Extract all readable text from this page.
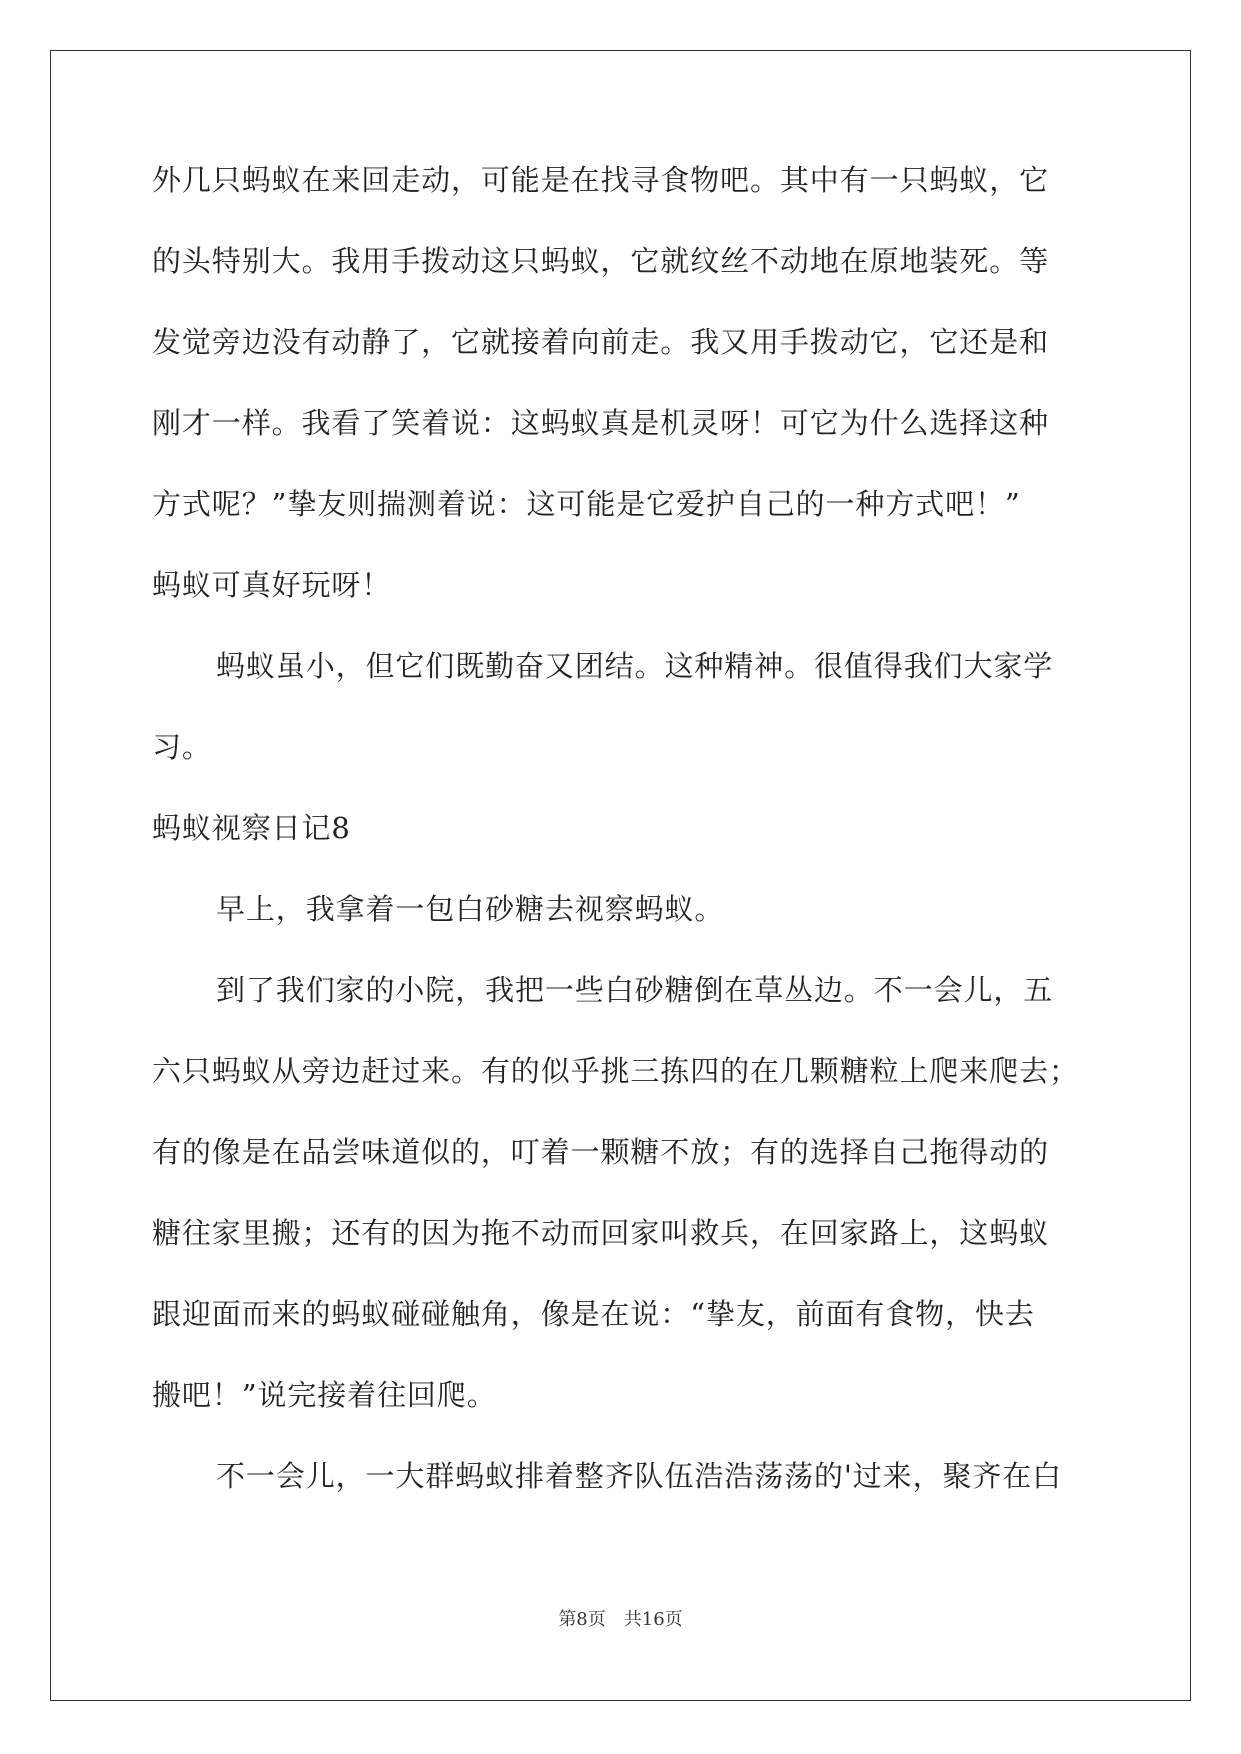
外几只蚂蚁在来回走动，可能是在找寻食物吧。其中有一只蚂蚁，它
的头特别大。我用手拨动这只蚂蚁，它就纹丝不动地在原地装死。等
发觉旁边没有动静了，它就接着向前走。我又用手拨动它，它还是和
刚才一样。我看了笑着说：这蚂蚁真是机灵呀！可它为什么选择这种
方式呢？”挚友则揣测着说：这可能是它爱护自己的一种方式吧！”
蚂蚁可真好玩呀！
蚂蚁虽小，但它们既勤奋又团结。这种精神。很值得我们大家学
习。
蚂蚁视察日记8
早上，我拿着一包白砂糖去视察蚂蚁。
到了我们家的小院，我把一些白砂糖倒在草丛边。不一会儿，五
六只蚂蚁从旁边赶过来。有的似乎挑三拣四的在几颗糖粒上爬来爬去；
有的像是在品尝味道似的，叮着一颗糖不放；有的选择自己拖得动的
糖往家里搬；还有的因为拖不动而回家叫救兵，在回家路上，这蚂蚁
跟迎面而来的蚂蚁碰碰触角，像是在说：“挚友，前面有食物，快去
搬吧！”说完接着往回爬。
不一会儿，一大群蚂蚁排着整齐队伍浩浩荡荡的'过来，聚齐在白
第8页 共16页
